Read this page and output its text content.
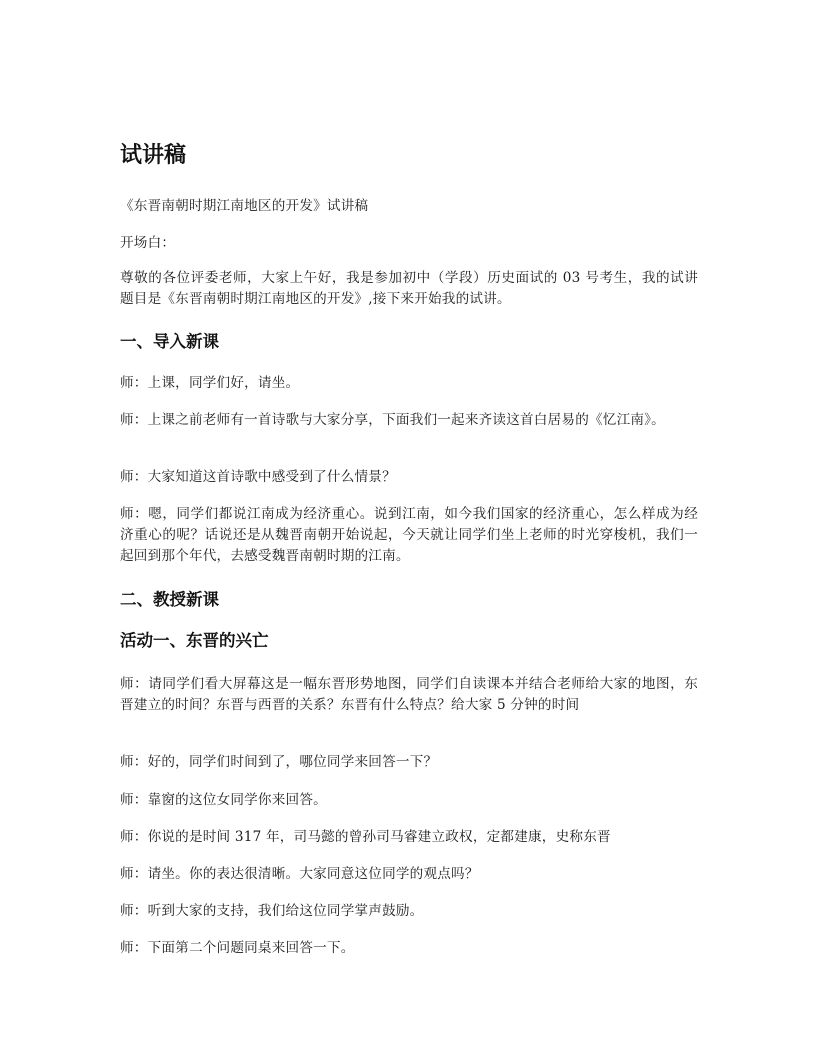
试讲稿

《东晋南朝时期江南地区的开发》试讲稿

开场白：

尊敬的各位评委老师，大家上午好，我是参加初中（学段）历史面试的 03 号考生，我的试讲题目是《东晋南朝时期江南地区的开发》,接下来开始我的试讲。

一、导入新课

师：上课，同学们好，请坐。

师：上课之前老师有一首诗歌与大家分享，下面我们一起来齐读这首白居易的《忆江南》。

师：大家知道这首诗歌中感受到了什么情景？

师：嗯，同学们都说江南成为经济重心。说到江南，如今我们国家的经济重心，怎么样成为经济重心的呢？话说还是从魏晋南朝开始说起，今天就让同学们坐上老师的时光穿梭机，我们一起回到那个年代，去感受魏晋南朝时期的江南。

二、教授新课
活动一、东晋的兴亡

师：请同学们看大屏幕这是一幅东晋形势地图，同学们自读课本并结合老师给大家的地图，东晋建立的时间？东晋与西晋的关系？东晋有什么特点？给大家 5 分钟的时间

师：好的，同学们时间到了，哪位同学来回答一下？

师：靠窗的这位女同学你来回答。

师：你说的是时间 317 年，司马懿的曾孙司马睿建立政权，定都建康，史称东晋

师：请坐。你的表达很清晰。大家同意这位同学的观点吗？

师：听到大家的支持，我们给这位同学掌声鼓励。

师：下面第二个问题同桌来回答一下。
